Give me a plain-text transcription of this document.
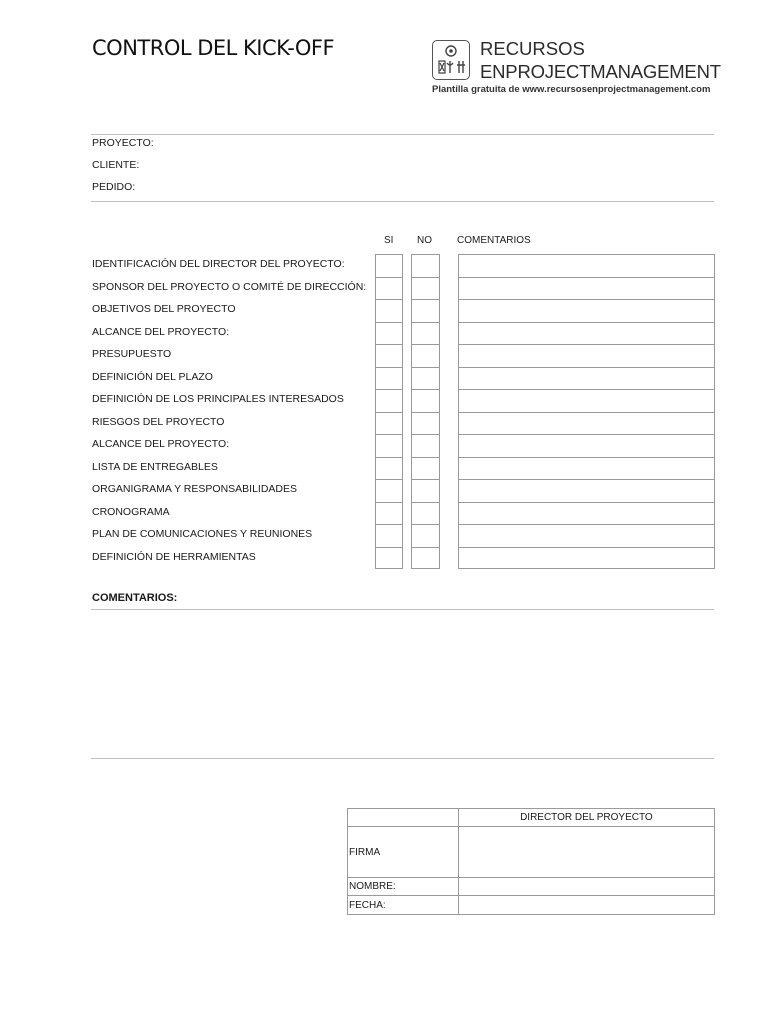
CONTROL DEL KICK-OFF	RECURSOS
ENPROJECTMANAGEMENT
Plantilla gratuita de www.recursosenprojectmanagement.com
PROYECTO:
CLIENTE:
PEDIDO:
SI NO	COMENTARIOS
IDENTIFICACIÓN DEL DIRECTOR DEL PROYECTO:
SPONSOR DEL PROYECTO O COMITÉ DE DIRECCIÓN:
OBJETIVOS DEL PROYECTO
ALCANCE DEL PROYECTO:
PRESUPUESTO
DEFINICIÓN DEL PLAZO
DEFINICIÓN DE LOS PRINCIPALES INTERESADOS
RIESGOS DEL PROYECTO
ALCANCE DEL PROYECTO:
LISTA DE ENTREGABLES
ORGANIGRAMA Y RESPONSABILIDADES
CRONOGRAMA
PLAN DE COMUNICACIONES Y REUNIONES
DEFINICIÓN DE HERRAMIENTAS
COMENTARIOS:
	DIRECTOR DEL PROYECTO
FIRMA	
NOMBRE:	
FECHA:	
